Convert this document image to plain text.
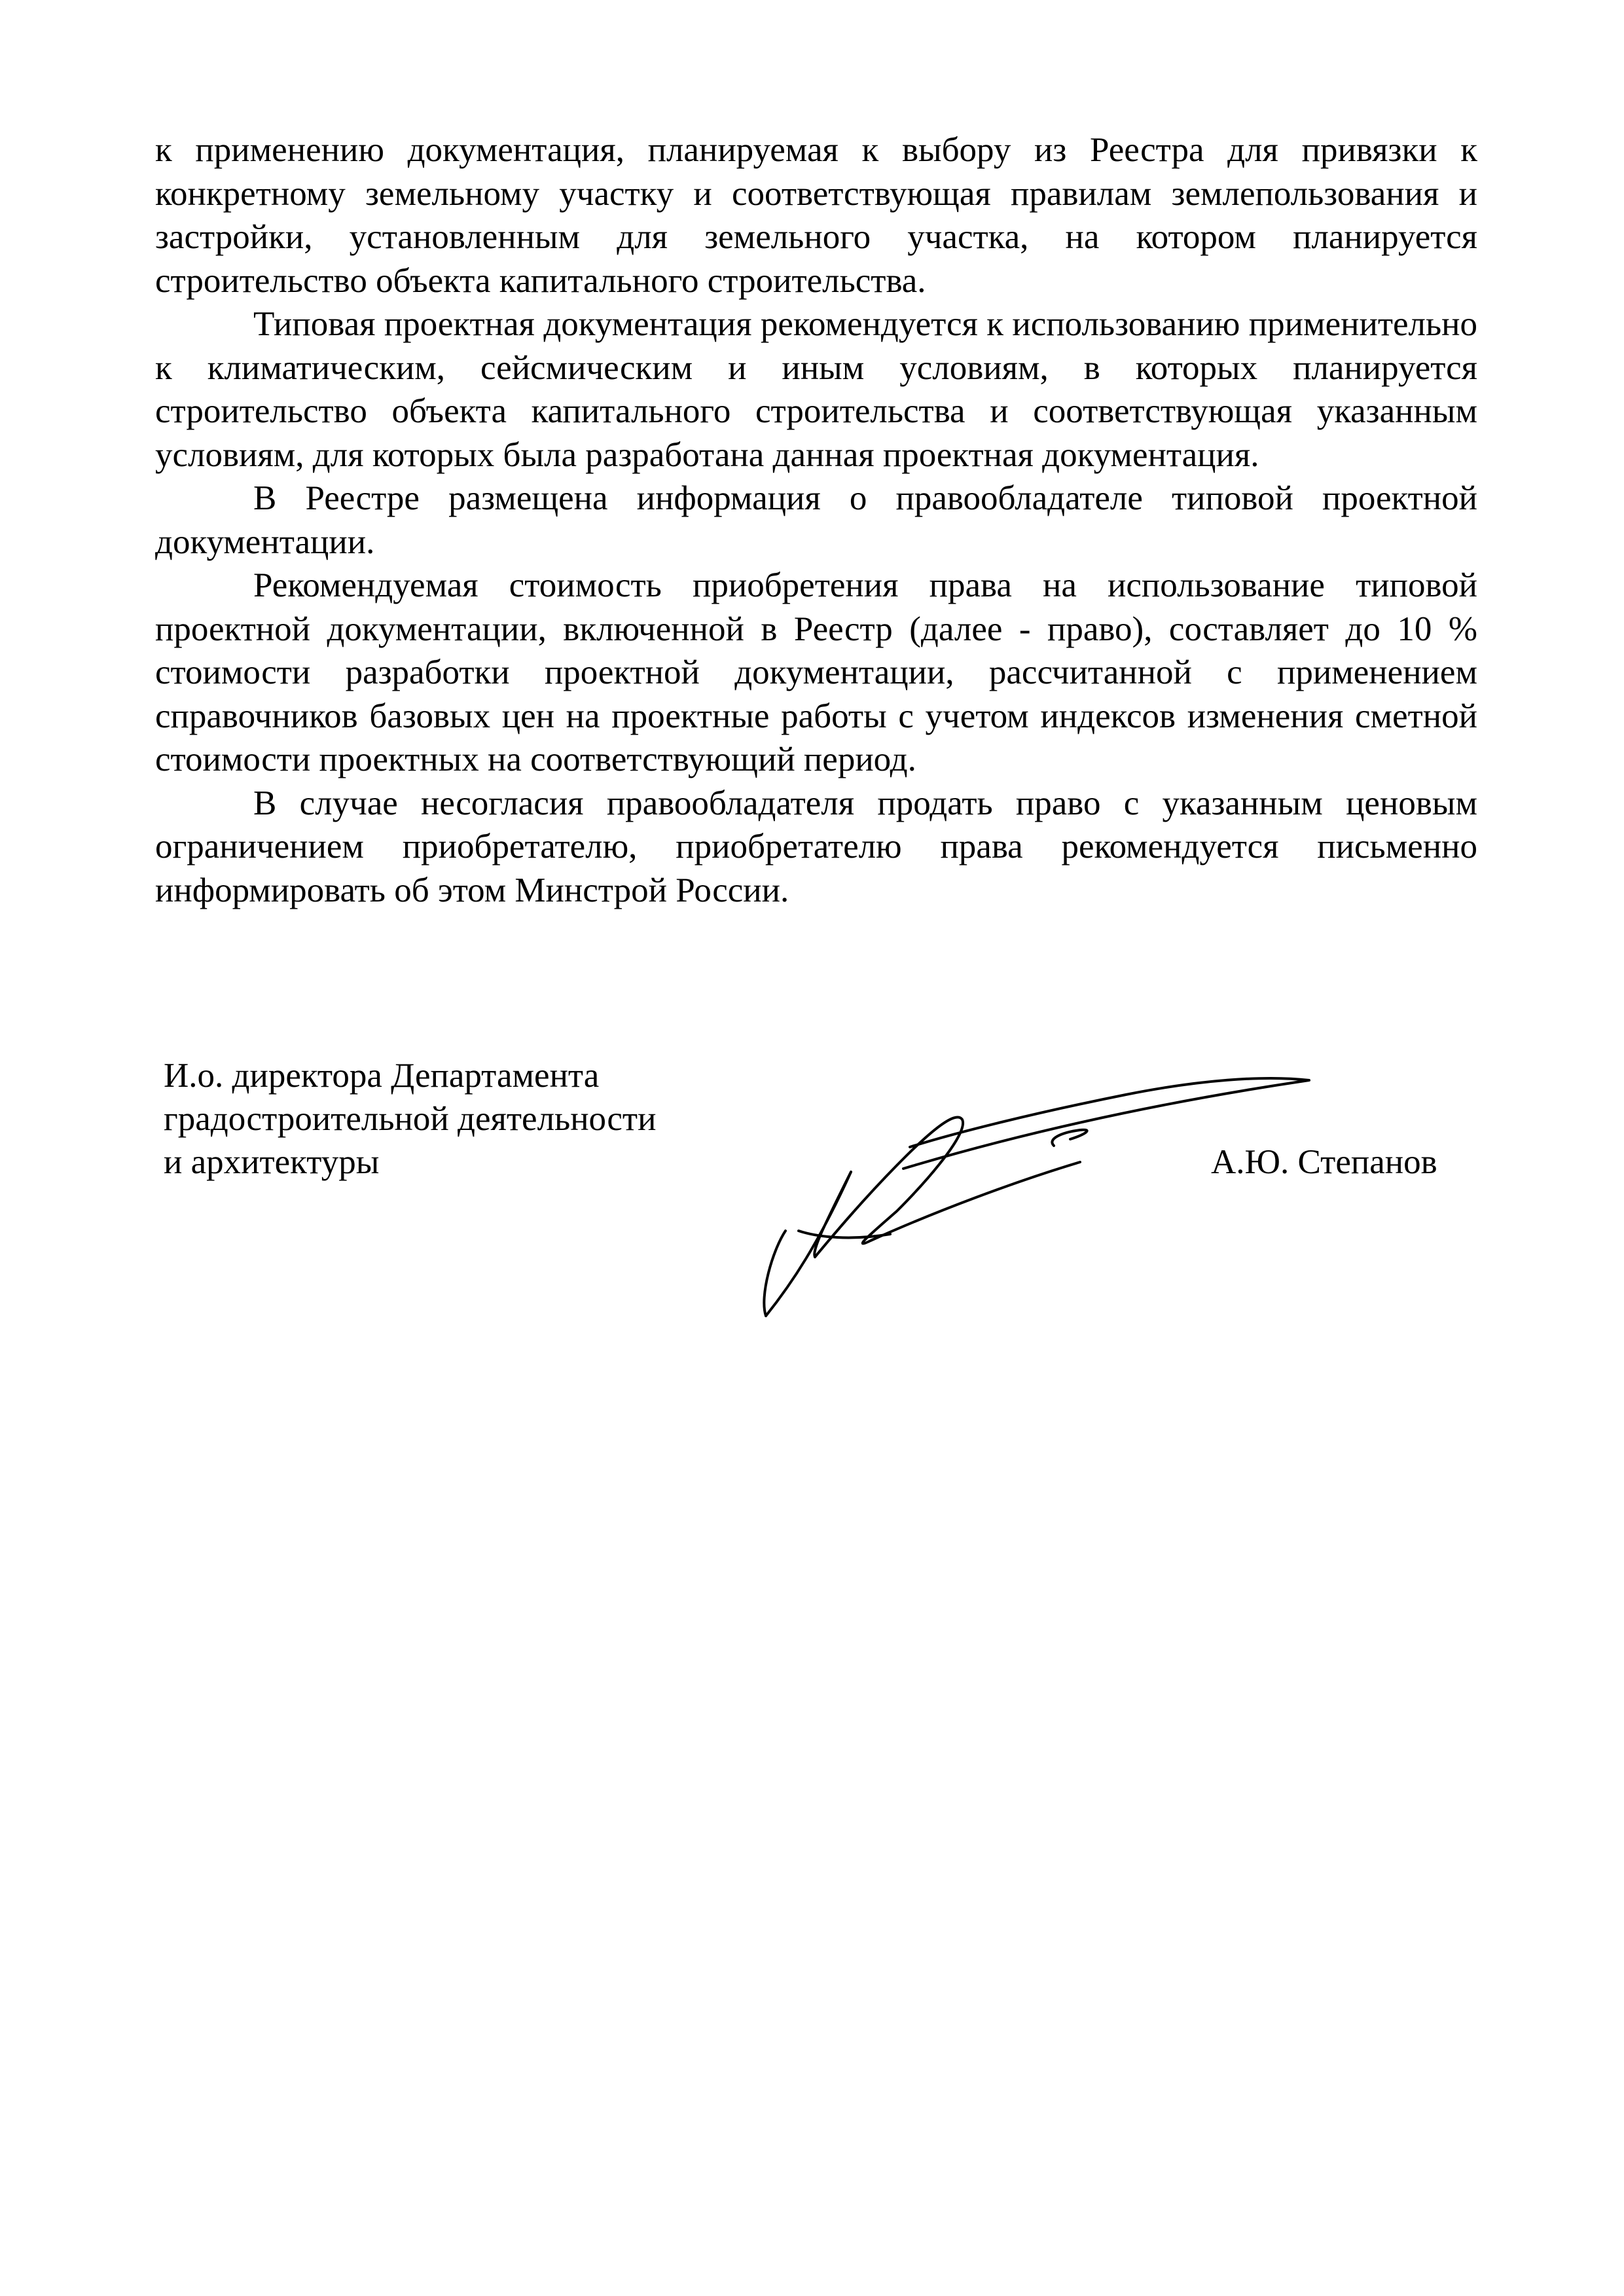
к применению документация, планируемая к выбору из Реестра для привязки к конкретному земельному участку и соответствующая правилам землепользования и застройки, установленным для земельного участка, на котором планируется строительство объекта капитального строительства.

Типовая проектная документация рекомендуется к использованию применительно к климатическим, сейсмическим и иным условиям, в которых планируется строительство объекта капитального строительства и соответствующая указанным условиям, для которых была разработана данная проектная документация.

В Реестре размещена информация о правообладателе типовой проектной документации.

Рекомендуемая стоимость приобретения права на использование типовой проектной документации, включенной в Реестр (далее - право), составляет до 10 % стоимости разработки проектной документации, рассчитанной с применением справочников базовых цен на проектные работы с учетом индексов изменения сметной стоимости проектных на соответствующий период.

В случае несогласия правообладателя продать право с указанным ценовым ограничением приобретателю, приобретателю права рекомендуется письменно информировать об этом Минстрой России.

И.о. директора Департамента
градостроительной деятельности
и архитектуры	А.Ю. Степанов
